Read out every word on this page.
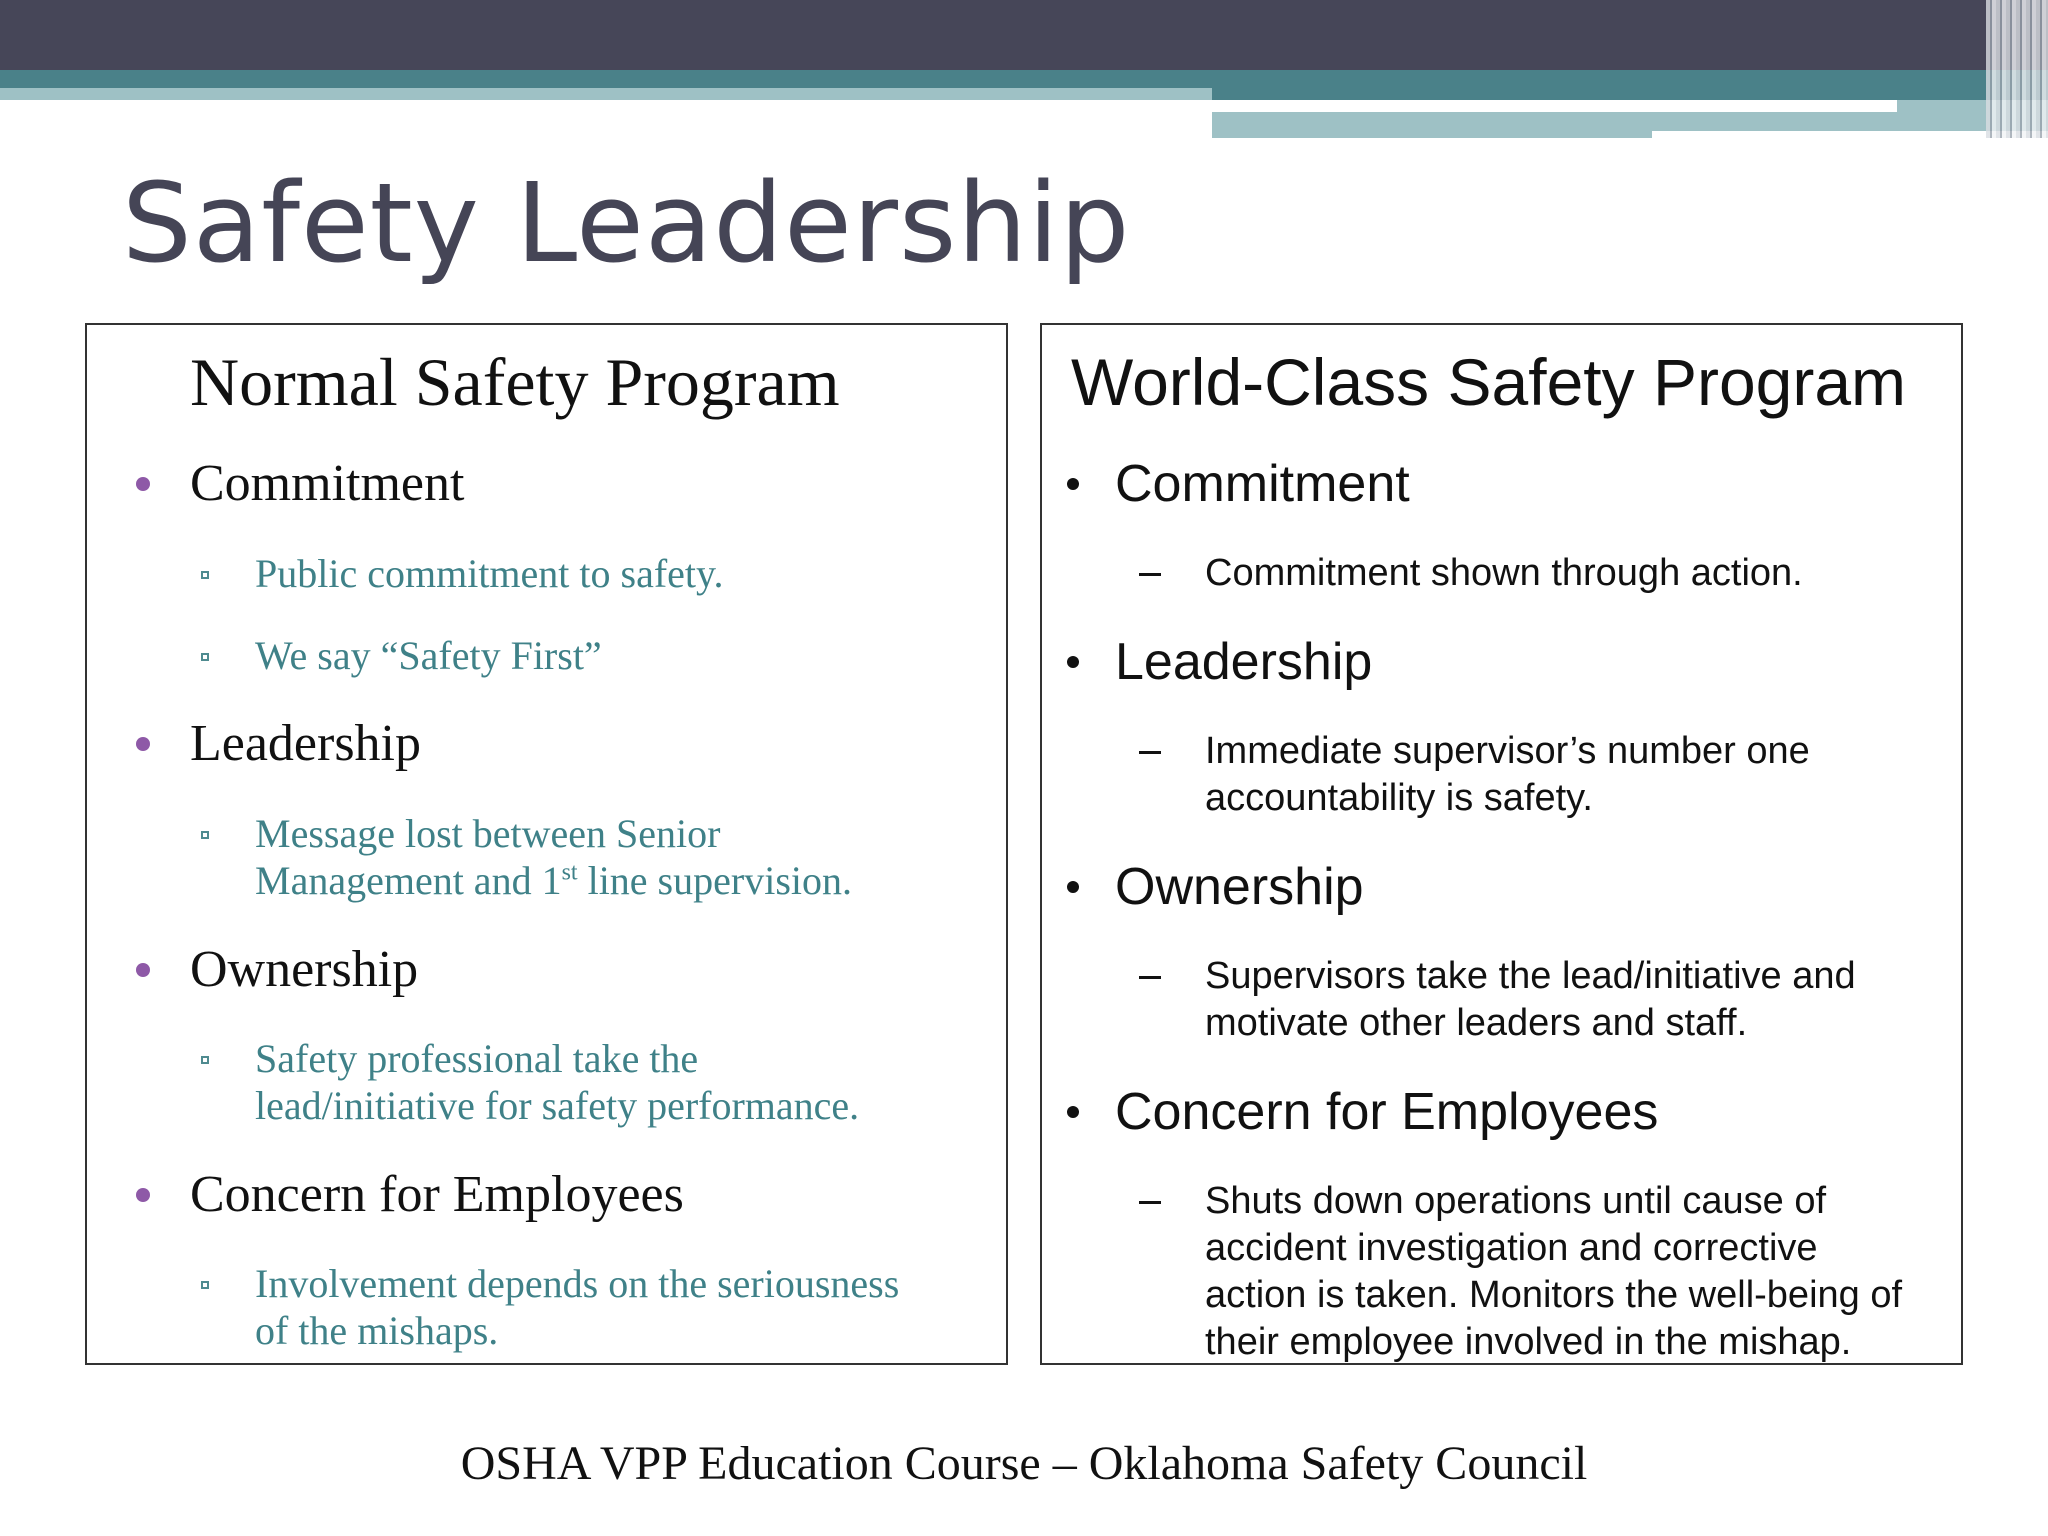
Safety Leadership
Normal Safety Program
Commitment
Public commitment to safety.
We say “Safety First”
Leadership
Message lost between Senior
Management and 1st line supervision.
Ownership
Safety professional take the
lead/initiative for safety performance.
Concern for Employees
Involvement depends on the seriousness
of the mishaps.
World-Class Safety Program
Commitment
Commitment shown through action.
Leadership
Immediate supervisor’s number one
accountability is safety.
Ownership
Supervisors take the lead/initiative and
motivate other leaders and staff.
Concern for Employees
Shuts down operations until cause of
accident investigation and corrective
action is taken. Monitors the well-being of
their employee involved in the mishap.
OSHA VPP Education Course – Oklahoma Safety Council
